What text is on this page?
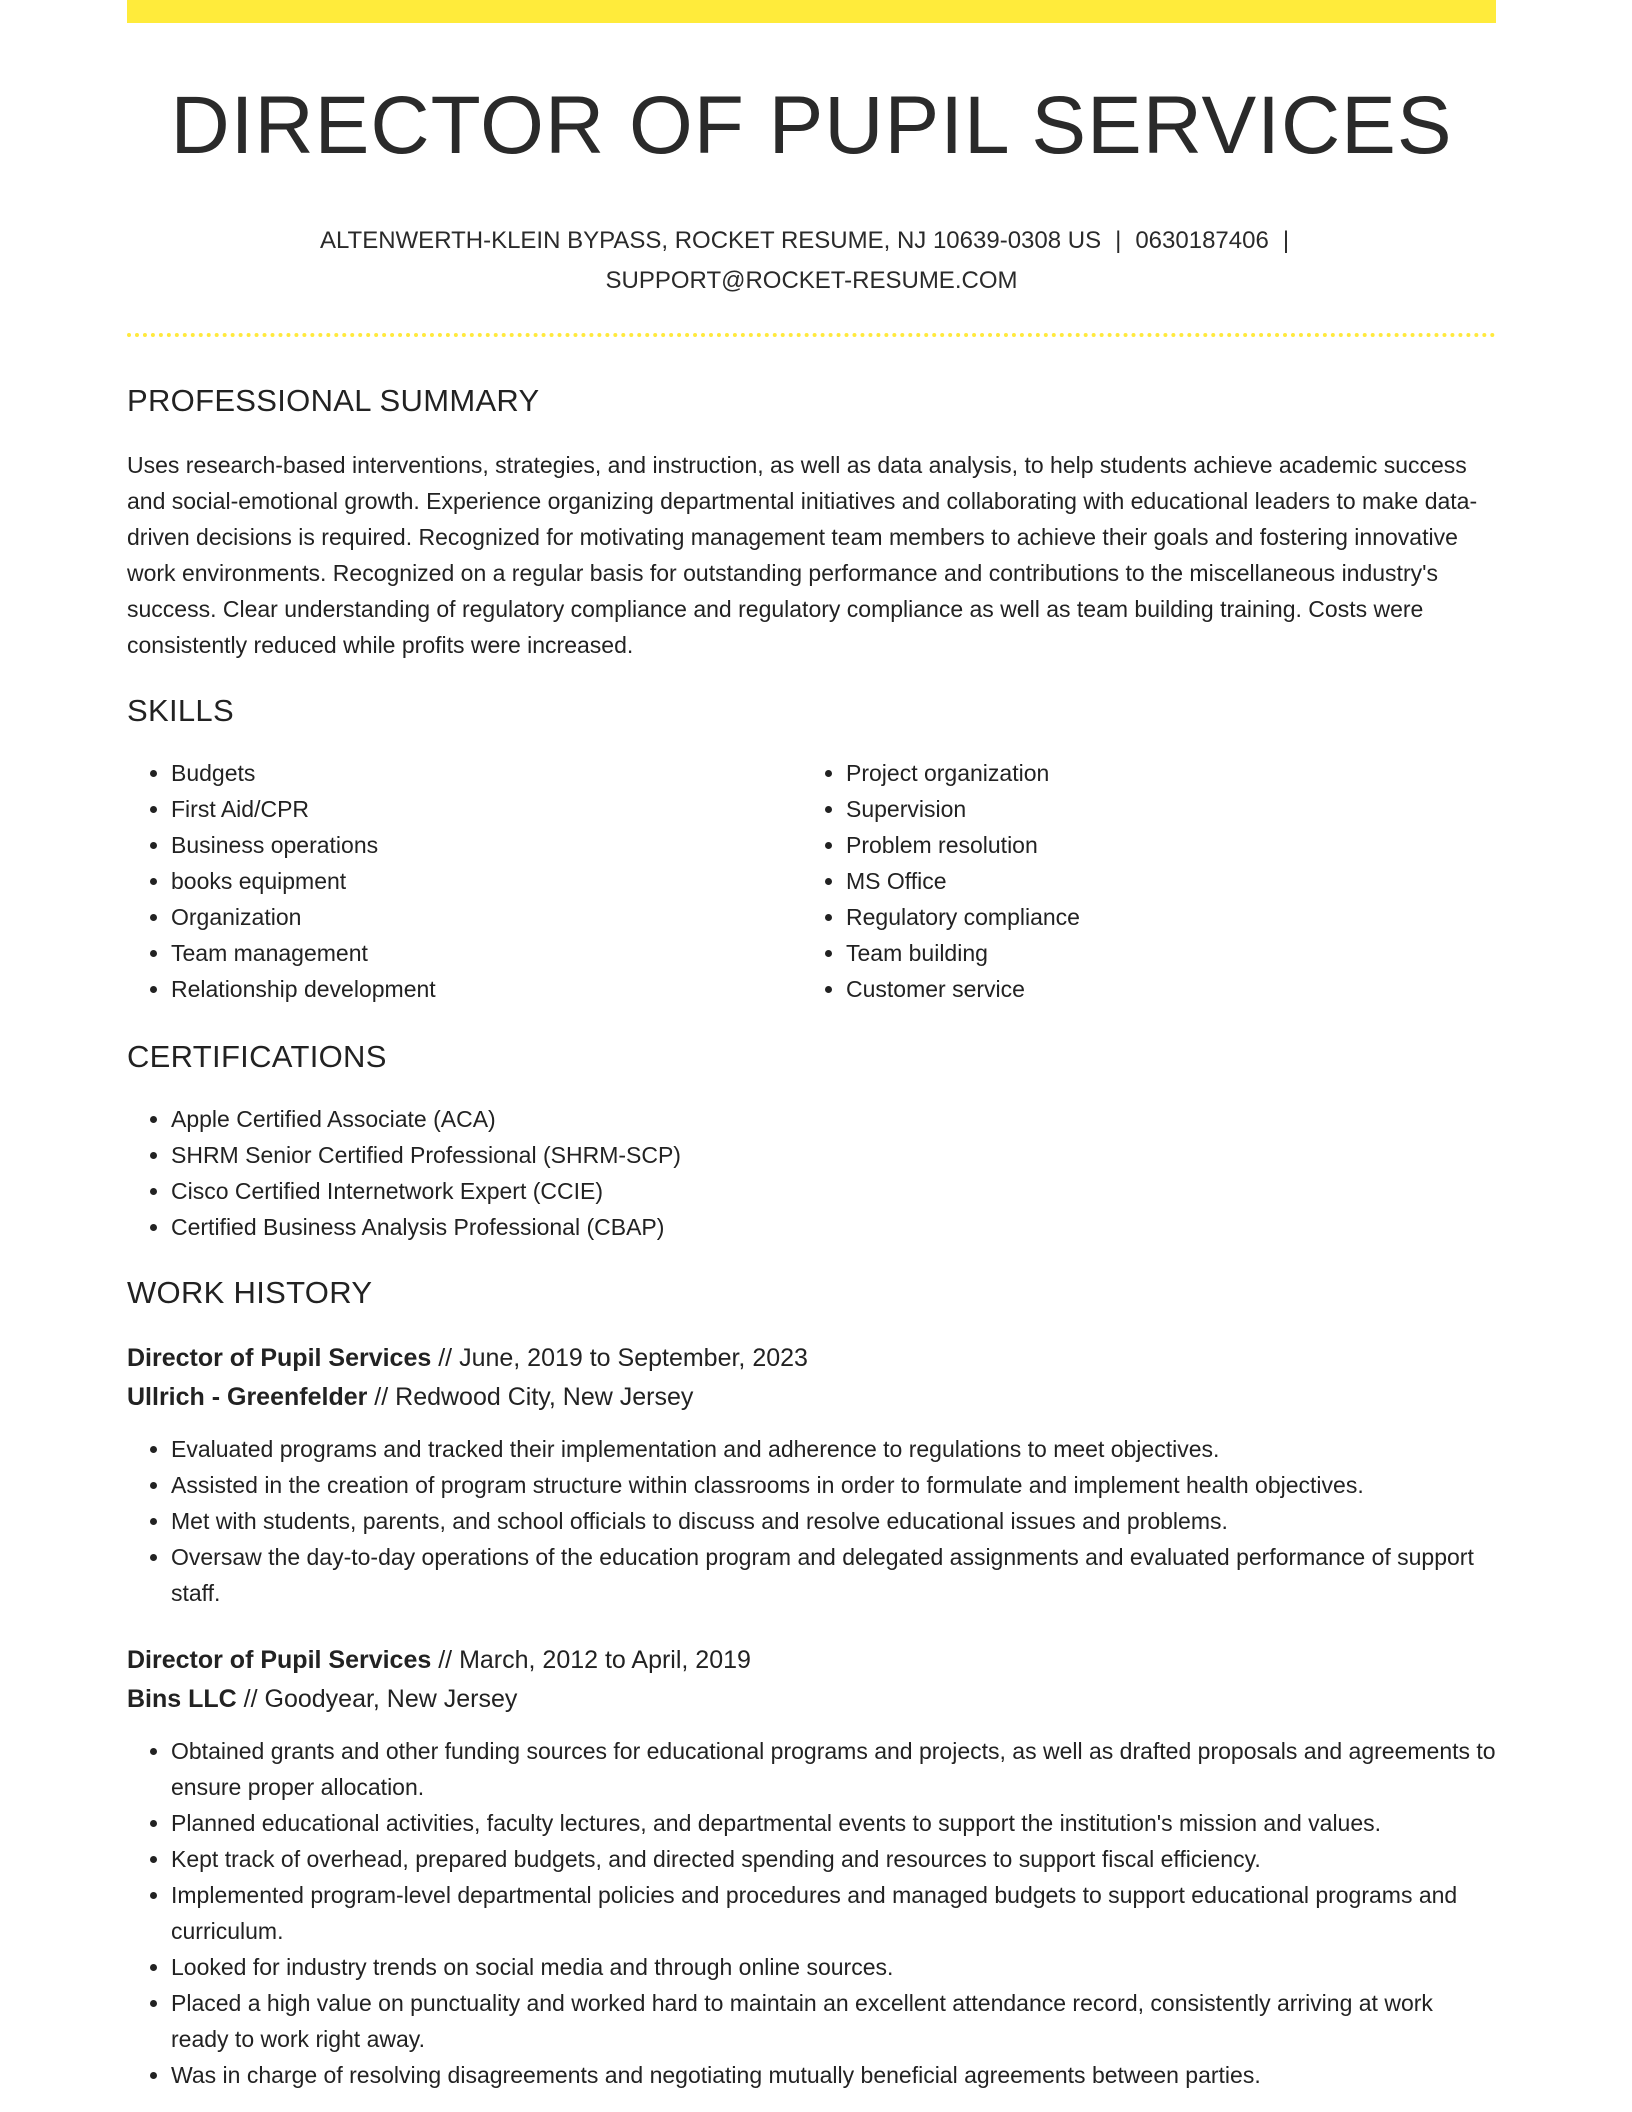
DIRECTOR OF PUPIL SERVICES
ALTENWERTH-KLEIN BYPASS, ROCKET RESUME, NJ 10639-0308 US | 0630187406 |
SUPPORT@ROCKET-RESUME.COM
PROFESSIONAL SUMMARY
Uses research-based interventions, strategies, and instruction, as well as data analysis, to help students achieve academic success and social-emotional growth. Experience organizing departmental initiatives and collaborating with educational leaders to make data-driven decisions is required. Recognized for motivating management team members to achieve their goals and fostering innovative work environments. Recognized on a regular basis for outstanding performance and contributions to the miscellaneous industry's success. Clear understanding of regulatory compliance and regulatory compliance as well as team building training. Costs were consistently reduced while profits were increased.
SKILLS
• Budgets
• First Aid/CPR
• Business operations
• books equipment
• Organization
• Team management
• Relationship development
• Project organization
• Supervision
• Problem resolution
• MS Office
• Regulatory compliance
• Team building
• Customer service
CERTIFICATIONS
• Apple Certified Associate (ACA)
• SHRM Senior Certified Professional (SHRM-SCP)
• Cisco Certified Internetwork Expert (CCIE)
• Certified Business Analysis Professional (CBAP)
WORK HISTORY
Director of Pupil Services // June, 2019 to September, 2023
Ullrich - Greenfelder // Redwood City, New Jersey
• Evaluated programs and tracked their implementation and adherence to regulations to meet objectives.
• Assisted in the creation of program structure within classrooms in order to formulate and implement health objectives.
• Met with students, parents, and school officials to discuss and resolve educational issues and problems.
• Oversaw the day-to-day operations of the education program and delegated assignments and evaluated performance of support staff.
Director of Pupil Services // March, 2012 to April, 2019
Bins LLC // Goodyear, New Jersey
• Obtained grants and other funding sources for educational programs and projects, as well as drafted proposals and agreements to ensure proper allocation.
• Planned educational activities, faculty lectures, and departmental events to support the institution's mission and values.
• Kept track of overhead, prepared budgets, and directed spending and resources to support fiscal efficiency.
• Implemented program-level departmental policies and procedures and managed budgets to support educational programs and curriculum.
• Looked for industry trends on social media and through online sources.
• Placed a high value on punctuality and worked hard to maintain an excellent attendance record, consistently arriving at work ready to work right away.
• Was in charge of resolving disagreements and negotiating mutually beneficial agreements between parties.
